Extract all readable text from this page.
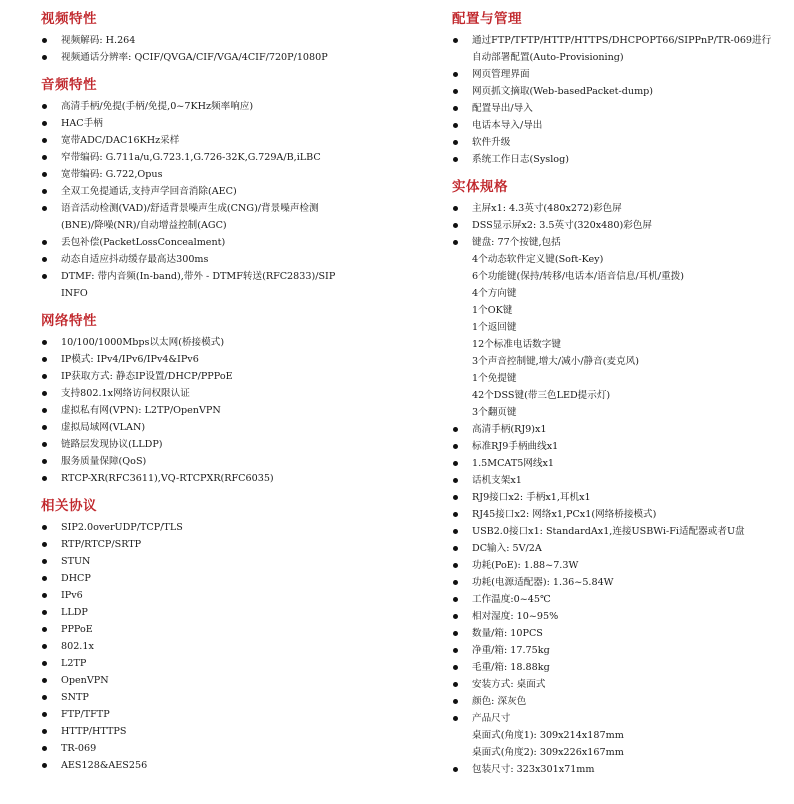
视频特性
视频解码: H.264
视频通话分辨率: QCIF/QVGA/CIF/VGA/4CIF/720P/1080P
音频特性
高清手柄/免提(手柄/免提,0~7KHz频率响应)
HAC手柄
宽带ADC/DAC16KHz采样
窄带编码: G.711a/u,G.723.1,G.726-32K,G.729A/B,iLBC
宽带编码: G.722,Opus
全双工免提通话,支持声学回音消除(AEC)
语音活动检测(VAD)/舒适背景噪声生成(CNG)/背景噪声检测
(BNE)/降噪(NR)/自动增益控制(AGC)
丢包补偿(PacketLossConcealment)
动态自适应抖动缓存最高达300ms
DTMF: 带内音频(In-band),带外 - DTMF转送(RFC2833)/SIP
INFO
网络特性
10/100/1000Mbps以太网(桥接模式)
IP模式: IPv4/IPv6/IPv4&IPv6
IP获取方式: 静态IP设置/DHCP/PPPoE
支持802.1x网络访问权限认证
虚拟私有网(VPN): L2TP/OpenVPN
虚拟局域网(VLAN)
链路层发现协议(LLDP)
服务质量保障(QoS)
RTCP-XR(RFC3611),VQ-RTCPXR(RFC6035)
相关协议
SIP2.0overUDP/TCP/TLS
RTP/RTCP/SRTP
STUN
DHCP
IPv6
LLDP
PPPoE
802.1x
L2TP
OpenVPN
SNTP
FTP/TFTP
HTTP/HTTPS
TR-069
AES128&AES256
配置与管理
通过FTP/TFTP/HTTP/HTTPS/DHCPOPT66/SIPPnP/TR-069进行
自动部署配置(Auto-Provisioning)
网页管理界面
网页抓文摘取(Web-basedPacket-dump)
配置导出/导入
电话本导入/导出
软件升级
系统工作日志(Syslog)
实体规格
主屏x1: 4.3英寸(480x272)彩色屏
DSS显示屏x2: 3.5英寸(320x480)彩色屏
键盘: 77个按键,包括
4个动态软件定义键(Soft-Key)
6个功能键(保持/转移/电话本/语音信息/耳机/重拨)
4个方向键
1个OK键
1个返回键
12个标准电话数字键
3个声音控制键,增大/减小/静音(麦克风)
1个免提键
42个DSS键(带三色LED提示灯)
3个翻页键
高清手柄(RJ9)x1
标准RJ9手柄曲线x1
1.5MCAT5网线x1
话机支架x1
RJ9接口x2: 手柄x1,耳机x1
RJ45接口x2: 网络x1,PCx1(网络桥接模式)
USB2.0接口x1: StandardAx1,连接USBWi-Fi适配器或者U盘
DC输入: 5V/2A
功耗(PoE): 1.88~7.3W
功耗(电源适配器): 1.36~5.84W
工作温度:0~45℃
相对湿度: 10~95%
数量/箱: 10PCS
净重/箱: 17.75kg
毛重/箱: 18.88kg
安装方式: 桌面式
颜色: 深灰色
产品尺寸
桌面式(角度1): 309x214x187mm
桌面式(角度2): 309x226x167mm
包装尺寸: 323x301x71mm
